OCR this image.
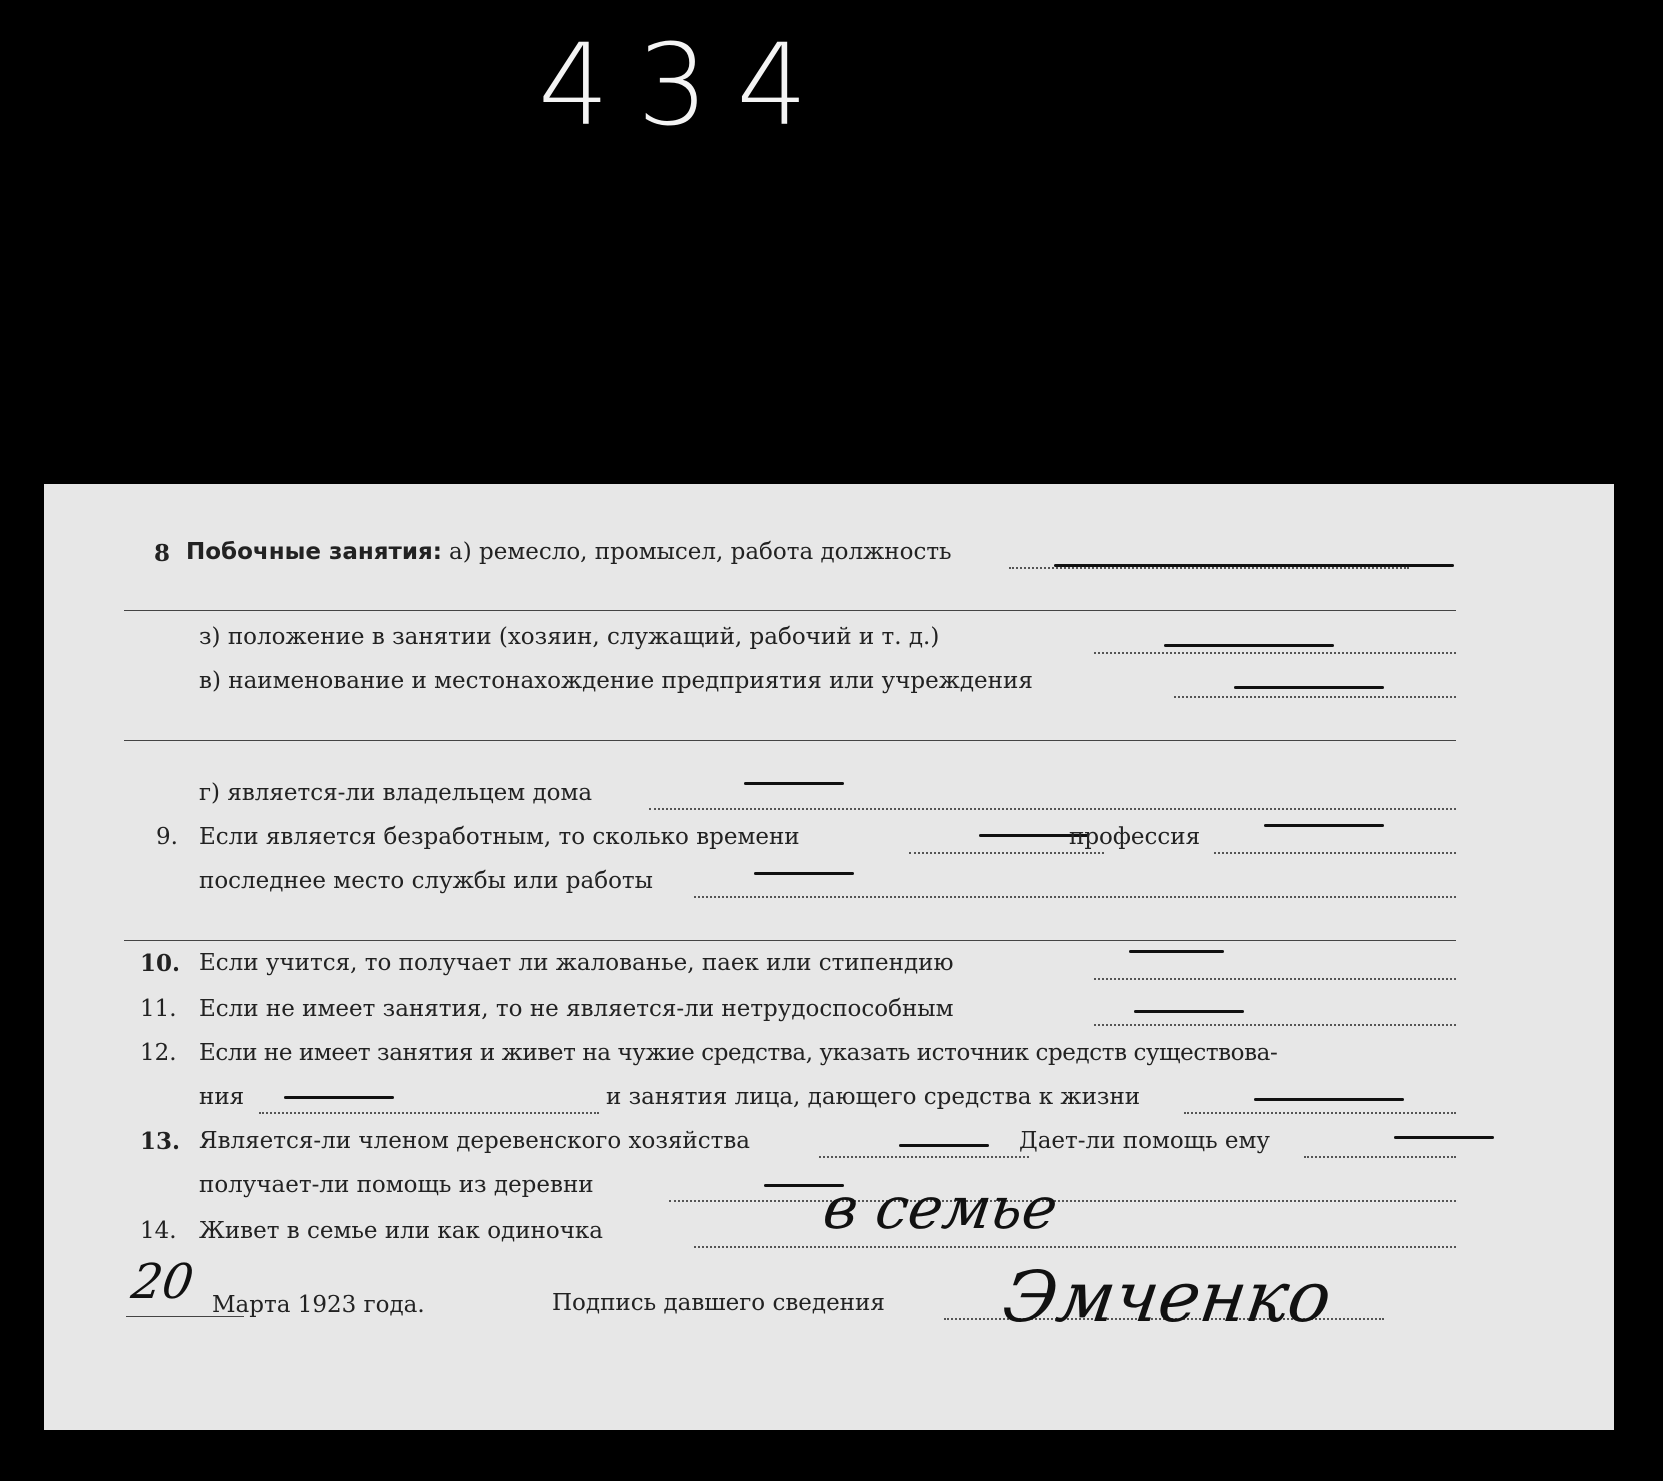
434
8 Побочные занятия: а) ремесло, промысел, работа должность
з) положение в занятии (хозяин, служащий, рабочий и т. д.)
в) наименование и местонахождение предприятия или учреждения
г) является-ли владельцем дома
9. Если является безработным, то сколько времени	профессия
последнее место службы или работы
10. Если учится, то получает ли жалованье, паек или стипендию
11. Если не имеет занятия, то не является-ли нетрудоспособным
12. Если не имеет занятия и живет на чужие средства, указать источник средств существова-
ния	и занятия лица, дающего средства к жизни
13. Является-ли членом деревенского хозяйства	Дает-ли помощь ему
получает-ли помощь из деревни
14. Живет в семье или как одиночка	в семье
20 Марта 1923 года.	Подпись давшего сведения Эмченко
